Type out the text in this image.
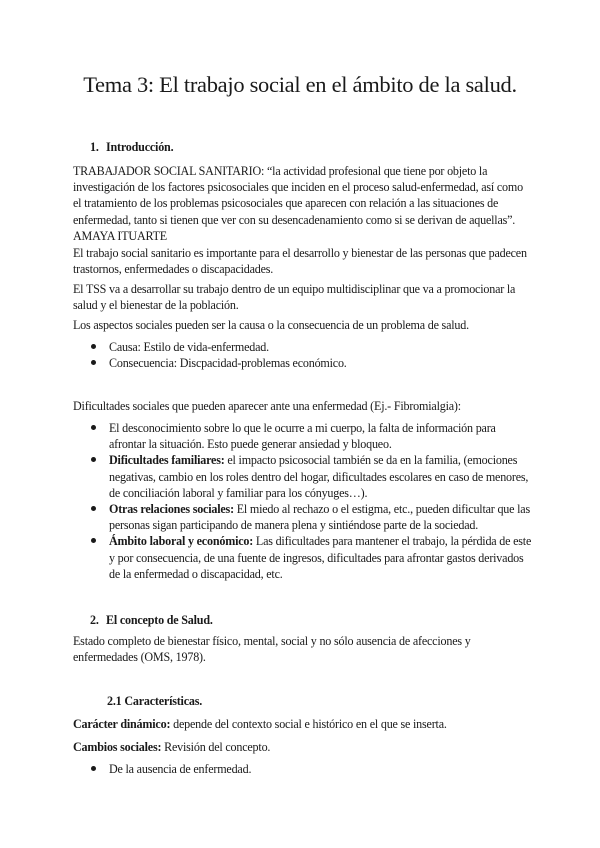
Tema 3: El trabajo social en el ámbito de la salud.
1. Introducción.

TRABAJADOR SOCIAL SANITARIO: “la actividad profesional que tiene por objeto la investigación de los factores psicosociales que inciden en el proceso salud-enfermedad, así como el tratamiento de los problemas psicosociales que aparecen con relación a las situaciones de enfermedad, tanto si tienen que ver con su desencadenamiento como si se derivan de aquellas”. AMAYA ITUARTE

El trabajo social sanitario es importante para el desarrollo y bienestar de las personas que padecen trastornos, enfermedades o discapacidades.

El TSS va a desarrollar su trabajo dentro de un equipo multidisciplinar que va a promocionar la salud y el bienestar de la población.

Los aspectos sociales pueden ser la causa o la consecuencia de un problema de salud.

Causa: Estilo de vida-enfermedad.
Consecuencia: Discpacidad-problemas económico.

Dificultades sociales que pueden aparecer ante una enfermedad (Ej.- Fibromialgia):

El desconocimiento sobre lo que le ocurre a mi cuerpo, la falta de información para afrontar la situación. Esto puede generar ansiedad y bloqueo.
Dificultades familiares: el impacto psicosocial también se da en la familia, (emociones negativas, cambio en los roles dentro del hogar, dificultades escolares en caso de menores, de conciliación laboral y familiar para los cónyuges…).
Otras relaciones sociales: El miedo al rechazo o el estigma, etc., pueden dificultar que las personas sigan participando de manera plena y sintiéndose parte de la sociedad.
Ámbito laboral y económico: Las dificultades para mantener el trabajo, la pérdida de este y por consecuencia, de una fuente de ingresos, dificultades para afrontar gastos derivados de la enfermedad o discapacidad, etc.
2. El concepto de Salud.

Estado completo de bienestar físico, mental, social y no sólo ausencia de afecciones y enfermedades (OMS, 1978).

2.1 Características.

Carácter dinámico: depende del contexto social e histórico en el que se inserta.

Cambios sociales: Revisión del concepto.

De la ausencia de enfermedad.
